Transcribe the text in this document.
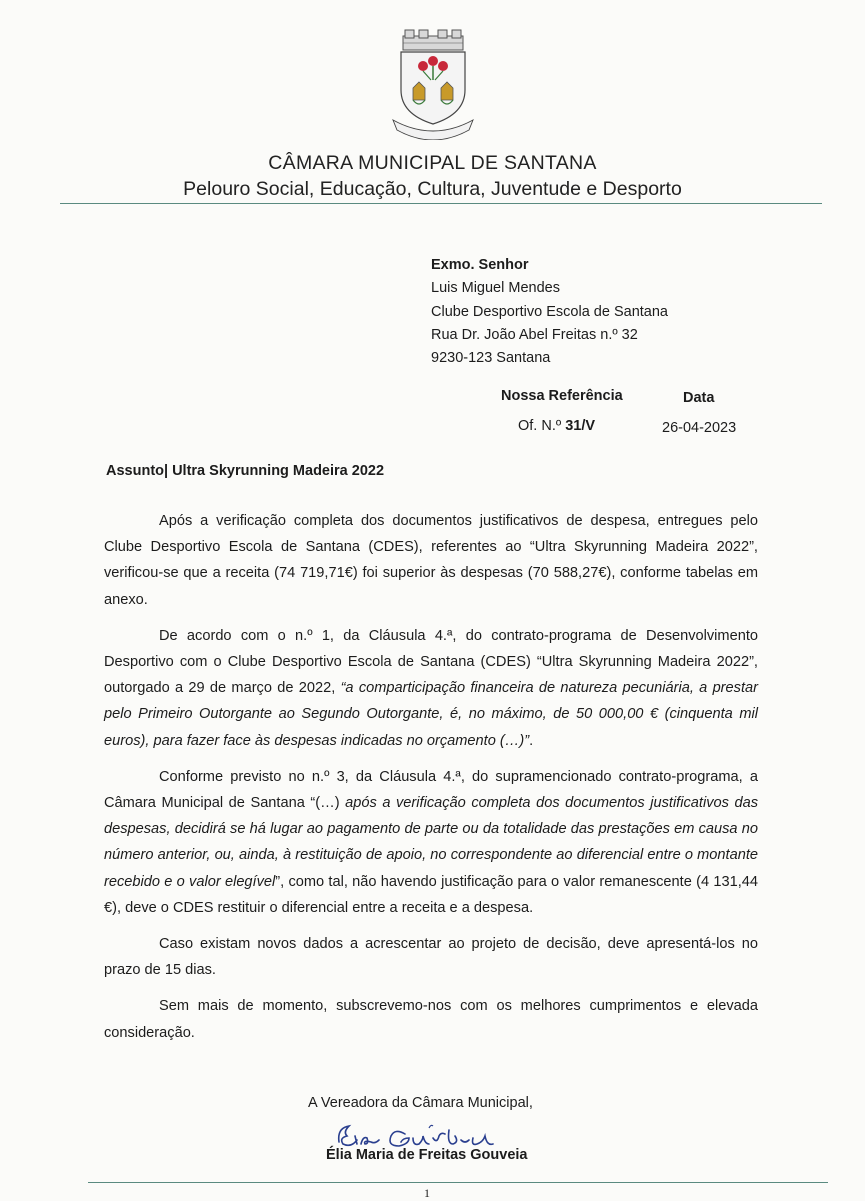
CÂMARA MUNICIPAL DE SANTANA
Pelouro Social, Educação, Cultura, Juventude e Desporto
Exmo. Senhor
Luis Miguel Mendes
Clube Desportivo Escola de Santana
Rua Dr. João Abel Freitas n.º 32
9230-123 Santana
Nossa Referência	Data
Of. N.º 31/V	26-04-2023
Assunto| Ultra Skyrunning Madeira 2022

Após a verificação completa dos documentos justificativos de despesa, entregues pelo Clube Desportivo Escola de Santana (CDES), referentes ao “Ultra Skyrunning Madeira 2022”, verificou-se que a receita (74 719,71€) foi superior às despesas (70 588,27€), conforme tabelas em anexo.

De acordo com o n.º 1, da Cláusula 4.ª, do contrato-programa de Desenvolvimento Desportivo com o Clube Desportivo Escola de Santana (CDES) “Ultra Skyrunning Madeira 2022”, outorgado a 29 de março de 2022, “a comparticipação financeira de natureza pecuniária, a prestar pelo Primeiro Outorgante ao Segundo Outorgante, é, no máximo, de 50 000,00 € (cinquenta mil euros), para fazer face às despesas indicadas no orçamento (…)”.

Conforme previsto no n.º 3, da Cláusula 4.ª, do supramencionado contrato-programa, a Câmara Municipal de Santana “(…) após a verificação completa dos documentos justificativos das despesas, decidirá se há lugar ao pagamento de parte ou da totalidade das prestações em causa no número anterior, ou, ainda, à restituição de apoio, no correspondente ao diferencial entre o montante recebido e o valor elegível”, como tal, não havendo justificação para o valor remanescente (4 131,44 €), deve o CDES restituir o diferencial entre a receita e a despesa.

Caso existam novos dados a acrescentar ao projeto de decisão, deve apresentá-los no prazo de 15 dias.

Sem mais de momento, subscrevemo-nos com os melhores cumprimentos e elevada consideração.

A Vereadora da Câmara Municipal,
Élia Maria de Freitas Gouveia
1
